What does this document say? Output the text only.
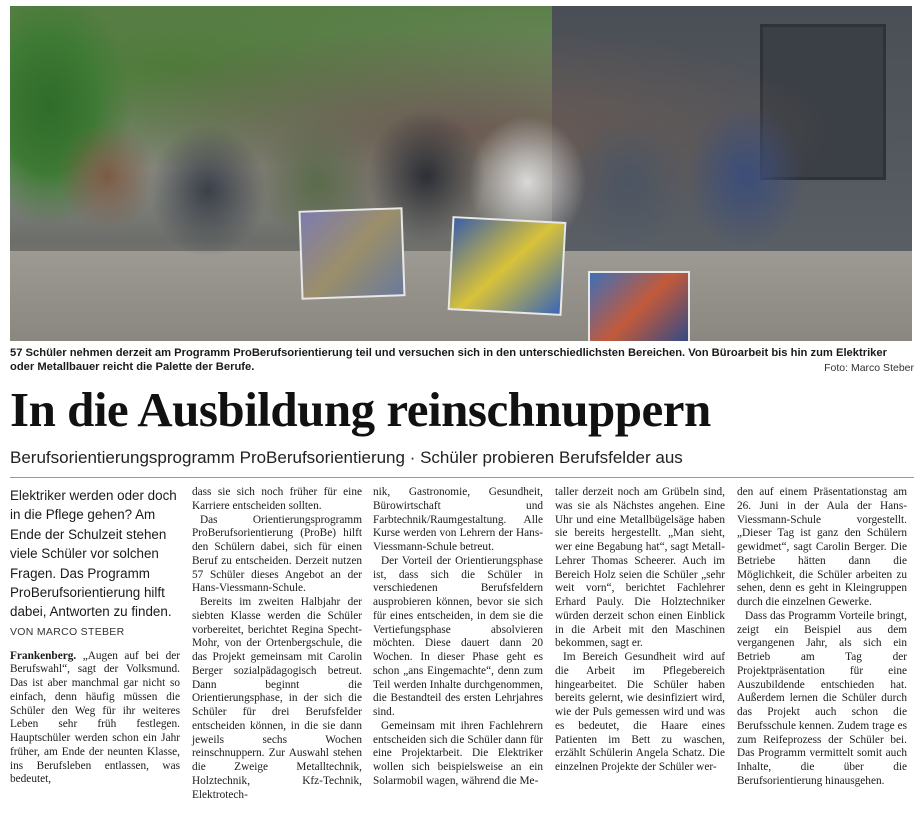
57 Schüler nehmen derzeit am Programm ProBerufsorientierung teil und versuchen sich in den unterschiedlichsten Bereichen. Von Büroarbeit bis hin zum Elektriker oder Metallbauer reicht die Palette der Berufe.	Foto: Marco Steber
In die Ausbildung reinschnuppern
Berufsorientierungsprogramm ProBerufsorientierung · Schüler probieren Berufsfelder aus

Elektriker werden oder doch in die Pflege gehen? Am Ende der Schulzeit stehen viele Schüler vor solchen Fragen. Das Programm ProBerufsorientierung hilft dabei, Antworten zu finden.

VON MARCO STEBER

Frankenberg. „Augen auf bei der Berufswahl“, sagt der Volksmund. Das ist aber manchmal gar nicht so einfach, denn häufig müssen die Schüler den Weg für ihr weiteres Leben sehr früh festlegen. Hauptschüler werden schon ein Jahr früher, am Ende der neunten Klasse, ins Berufsleben entlassen, was bedeutet,

dass sie sich noch früher für eine Karriere entscheiden sollten.

Das Orientierungsprogramm ProBerufsorientierung (ProBe) hilft den Schülern dabei, sich für einen Beruf zu entscheiden. Derzeit nutzen 57 Schüler dieses Angebot an der Hans-Viessmann-Schule.

Bereits im zweiten Halbjahr der siebten Klasse werden die Schüler vorbereitet, berichtet Regina Specht-Mohr, von der Ortenbergschule, die das Projekt gemeinsam mit Carolin Berger sozialpädagogisch betreut. Dann beginnt die Orientierungsphase, in der sich die Schüler für drei Berufsfelder entscheiden können, in die sie dann jeweils sechs Wochen reinschnuppern. Zur Auswahl stehen die Zweige Metalltechnik, Holztechnik, Kfz-Technik, Elektrotech-

nik, Gastronomie, Gesundheit, Bürowirtschaft und Farbtechnik/Raumgestaltung. Alle Kurse werden von Lehrern der Hans-Viessmann-Schule betreut.

Der Vorteil der Orientierungsphase ist, dass sich die Schüler in verschiedenen Berufsfeldern ausprobieren können, bevor sie sich für eines entscheiden, in dem sie die Vertiefungsphase absolvieren möchten. Diese dauert dann 20 Wochen. In dieser Phase geht es schon „ans Eingemachte“, denn zum Teil werden Inhalte durchgenommen, die Bestandteil des ersten Lehrjahres sind.

Gemeinsam mit ihren Fachlehrern entscheiden sich die Schüler dann für eine Projektarbeit. Die Elektriker wollen sich beispielsweise an ein Solarmobil wagen, während die Me-

taller derzeit noch am Grübeln sind, was sie als Nächstes angehen. Eine Uhr und eine Metallbügelsäge haben sie bereits hergestellt. „Man sieht, wer eine Begabung hat“, sagt Metall-Lehrer Thomas Scheerer. Auch im Bereich Holz seien die Schüler „sehr weit vorn“, berichtet Fachlehrer Erhard Pauly. Die Holztechniker würden derzeit schon einen Einblick in die Arbeit mit den Maschinen bekommen, sagt er.

Im Bereich Gesundheit wird auf die Arbeit im Pflegebereich hingearbeitet. Die Schüler haben bereits gelernt, wie desinfiziert wird, wie der Puls gemessen wird und was es bedeutet, die Haare eines Patienten im Bett zu waschen, erzählt Schülerin Angela Schatz. Die einzelnen Projekte der Schüler wer-

den auf einem Präsentationstag am 26. Juni in der Aula der Hans-Viessmann-Schule vorgestellt. „Dieser Tag ist ganz den Schülern gewidmet“, sagt Carolin Berger. Die Betriebe hätten dann die Möglichkeit, die Schüler arbeiten zu sehen, denn es geht in Kleingruppen durch die einzelnen Gewerke.

Dass das Programm Vorteile bringt, zeigt ein Beispiel aus dem vergangenen Jahr, als sich ein Betrieb am Tag der Projektpräsentation für eine Auszubildende entschieden hat. Außerdem lernen die Schüler durch das Projekt auch schon die Berufsschule kennen. Zudem trage es zum Reifeprozess der Schüler bei. Das Programm vermittelt somit auch Inhalte, die über die Berufsorientierung hinausgehen.
